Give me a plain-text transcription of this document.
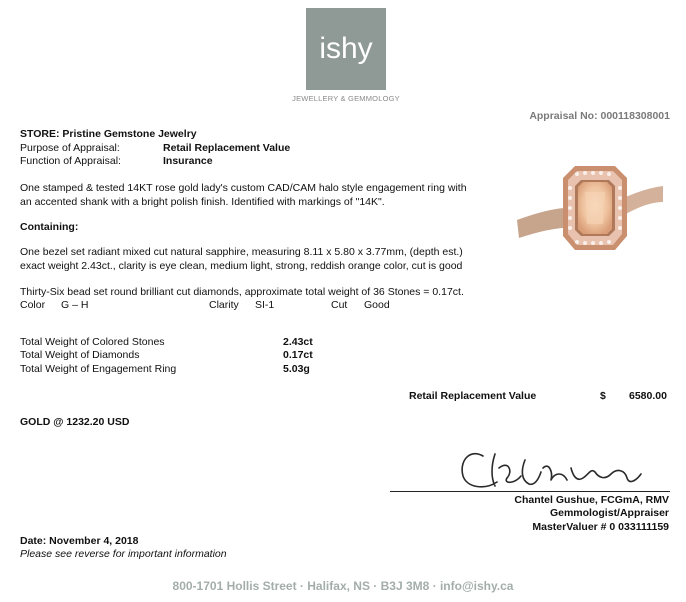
ishy
JEWELLERY & GEMMOLOGY
Appraisal No: 000118308001
STORE: Pristine Gemstone Jewelry
Purpose of Appraisal:	Retail Replacement Value
Function of Appraisal:	Insurance
One stamped & tested 14KT rose gold lady's custom CAD/CAM halo style engagement ring with
an accented shank with a bright polish finish. Identified with markings of "14K".
Containing:
One bezel set radiant mixed cut natural sapphire, measuring 8.11 x 5.80 x 3.77mm, (depth est.)
exact weight 2.43ct., clarity is eye clean, medium light, strong, reddish orange color, cut is good
Thirty-Six bead set round brilliant cut diamonds, approximate total weight of 36 Stones = 0.17ct.
Color G – H	Clarity SI-1	Cut Good
Total Weight of Colored Stones	2.43ct
Total Weight of Diamonds	0.17ct
Total Weight of Engagement Ring	5.03g
Retail Replacement Value	$ 6580.00
GOLD @ 1232.20 USD
Chantel Gushue, FCGmA, RMV
Gemmologist/Appraiser
MasterValuer # 0 033111159
Date: November 4, 2018
Please see reverse for important information
800-1701 Hollis Street · Halifax, NS · B3J 3M8 · info@ishy.ca
